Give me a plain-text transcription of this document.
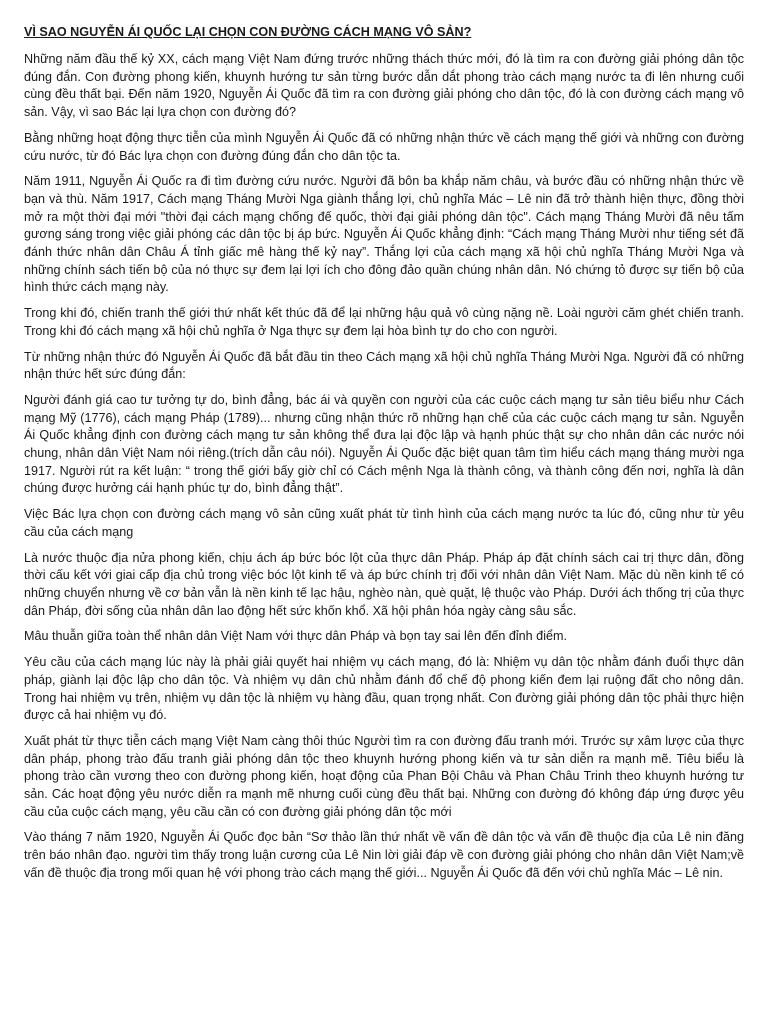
VÌ SAO NGUYỄN ÁI QUỐC LẠI CHỌN CON ĐƯỜNG CÁCH MẠNG VÔ SẢN?

Những năm đầu thế kỷ XX, cách mạng Việt Nam đứng trước những thách thức mới, đó là tìm ra con đường giải phóng dân tộc đúng đắn. Con đường phong kiến, khuynh hướng tư sản từng bước dẫn dắt phong trào cách mạng nước ta đi lên nhưng cuối cùng đều thất bại. Đến năm 1920, Nguyễn Ái Quốc đã tìm ra con đường giải phóng cho dân tộc, đó là con đường cách mạng vô sản. Vậy, vì sao Bác lại lựa chọn con đường đó?

Bằng những hoạt động thực tiễn của mình Nguyễn Ái Quốc đã có những nhận thức về cách mạng thế giới và những con đường cứu nước, từ đó Bác lựa chọn con đường đúng đắn cho dân tộc ta.

Năm 1911, Nguyễn Ái Quốc ra đi tìm đường cứu nước. Người đã bôn ba khắp năm châu, và bước đầu có những nhận thức về bạn và thù. Năm 1917, Cách mạng Tháng Mười Nga giành thắng lợi, chủ nghĩa Mác – Lê nin đã trở thành hiện thực, đồng thời mở ra một thời đại mới "thời đại cách mạng chống đế quốc, thời đại giải phóng dân tộc". Cách mạng Tháng Mười đã nêu tấm gương sáng trong việc giải phóng các dân tộc bị áp bức. Nguyễn Ái Quốc khẳng định: “Cách mạng Tháng Mười như tiếng sét đã đánh thức nhân dân Châu Á tỉnh giấc mê hàng thế kỷ nay”. Thắng lợi của cách mạng xã hội chủ nghĩa Tháng Mười Nga và những chính sách tiến bộ của nó thực sự đem lại lợi ích cho đông đảo quần chúng nhân dân. Nó chứng tỏ được sự tiến bộ của hình thức cách mạng này.

Trong khi đó, chiến tranh thế giới thứ nhất kết thúc đã để lại những hậu quả vô cùng nặng nề. Loài người căm ghét chiến tranh. Trong khi đó cách mạng xã hội chủ nghĩa ở Nga thực sự đem lại hòa bình tự do cho con người.

Từ những nhận thức đó Nguyễn Ái Quốc đã bắt đầu tin theo Cách mạng xã hội chủ nghĩa Tháng Mười Nga. Người đã có những nhận thức hết sức đúng đắn:

Người đánh giá cao tư tưởng tự do, bình đẳng, bác ái và quyền con người của các cuộc cách mạng tư sản tiêu biểu như Cách mạng Mỹ (1776), cách mạng Pháp (1789)... nhưng cũng nhận thức rõ những hạn chế của các cuộc cách mạng tư sản. Nguyễn Ái Quốc khẳng định con đường cách mạng tư sản không thể đưa lại độc lập và hạnh phúc thật sự cho nhân dân các nước nói chung, nhân dân Việt Nam nói riêng.(trích dẫn câu nói). Nguyễn Ái Quốc đặc biệt quan tâm tìm hiểu cách mạng tháng mười nga 1917. Người rút ra kết luận: “ trong thế giới bấy giờ chỉ có Cách mệnh Nga là thành công, và thành công đến nơi, nghĩa là dân chúng được hưởng cái hạnh phúc tự do, bình đẳng thật”.

Việc Bác lựa chọn con đường cách mạng vô sản cũng xuất phát từ tình hình của cách mạng nước ta lúc đó, cũng như từ yêu cầu của cách mạng

Là nước thuộc địa nửa phong kiến, chịu ách áp bức bóc lột của thực dân Pháp. Pháp áp đặt chính sách cai trị thực dân, đồng thời cấu kết với giai cấp địa chủ trong việc bóc lột kinh tế và áp bức chính trị đối với nhân dân Việt Nam. Mặc dù nền kinh tế có những chuyển nhưng về cơ bản vẫn là nền kinh tế lạc hậu, nghèo nàn, què quặt, lệ thuộc vào Pháp. Dưới ách thống trị của thực dân Pháp, đời sống của nhân dân lao động hết sức khốn khổ. Xã hội phân hóa ngày càng sâu sắc.

Mâu thuẫn giữa toàn thể nhân dân Việt Nam với thực dân Pháp và bọn tay sai lên đến đỉnh điểm.

Yêu cầu của cách mạng lúc này là phải giải quyết hai nhiệm vụ cách mạng, đó là: Nhiệm vụ dân tộc nhằm đánh đuổi thực dân pháp, giành lại độc lập cho dân tộc. Và nhiệm vụ dân chủ nhằm đánh đổ chế độ phong kiến đem lại ruộng đất cho nông dân. Trong hai nhiệm vụ trên, nhiệm vụ dân tộc là nhiệm vụ hàng đầu, quan trọng nhất. Con đường giải phóng dân tộc phải thực hiện được cả hai nhiệm vụ đó.

Xuất phát từ thực tiễn cách mạng Việt Nam càng thôi thúc Người tìm ra con đường đấu tranh mới. Trước sự xâm lược của thực dân pháp, phong trào đấu tranh giải phóng dân tộc theo khuynh hướng phong kiến và tư sản diễn ra mạnh mẽ. Tiêu biểu là phong trào cần vương theo con đường phong kiến, hoạt động của Phan Bội Châu và Phan Châu Trinh theo khuynh hướng tư sản. Các hoạt động yêu nước diễn ra mạnh mẽ nhưng cuối cùng đều thất bại. Những con đường đó không đáp ứng được yêu cầu của cuộc cách mạng, yêu cầu cần có con đường giải phóng dân tộc mới

Vào tháng 7 năm 1920, Nguyễn Ái Quốc đọc bản “Sơ thảo lần thứ nhất về vấn đề dân tộc và vấn đề thuộc địa của Lê nin đăng trên báo nhân đạo. người tìm thấy trong luận cương của Lê Nin lời giải đáp về con đường giải phóng cho nhân dân Việt Nam;về vấn đề thuộc địa trong mối quan hệ với phong trào cách mạng thế giới... Nguyễn Ái Quốc đã đến với chủ nghĩa Mác – Lê nin.
